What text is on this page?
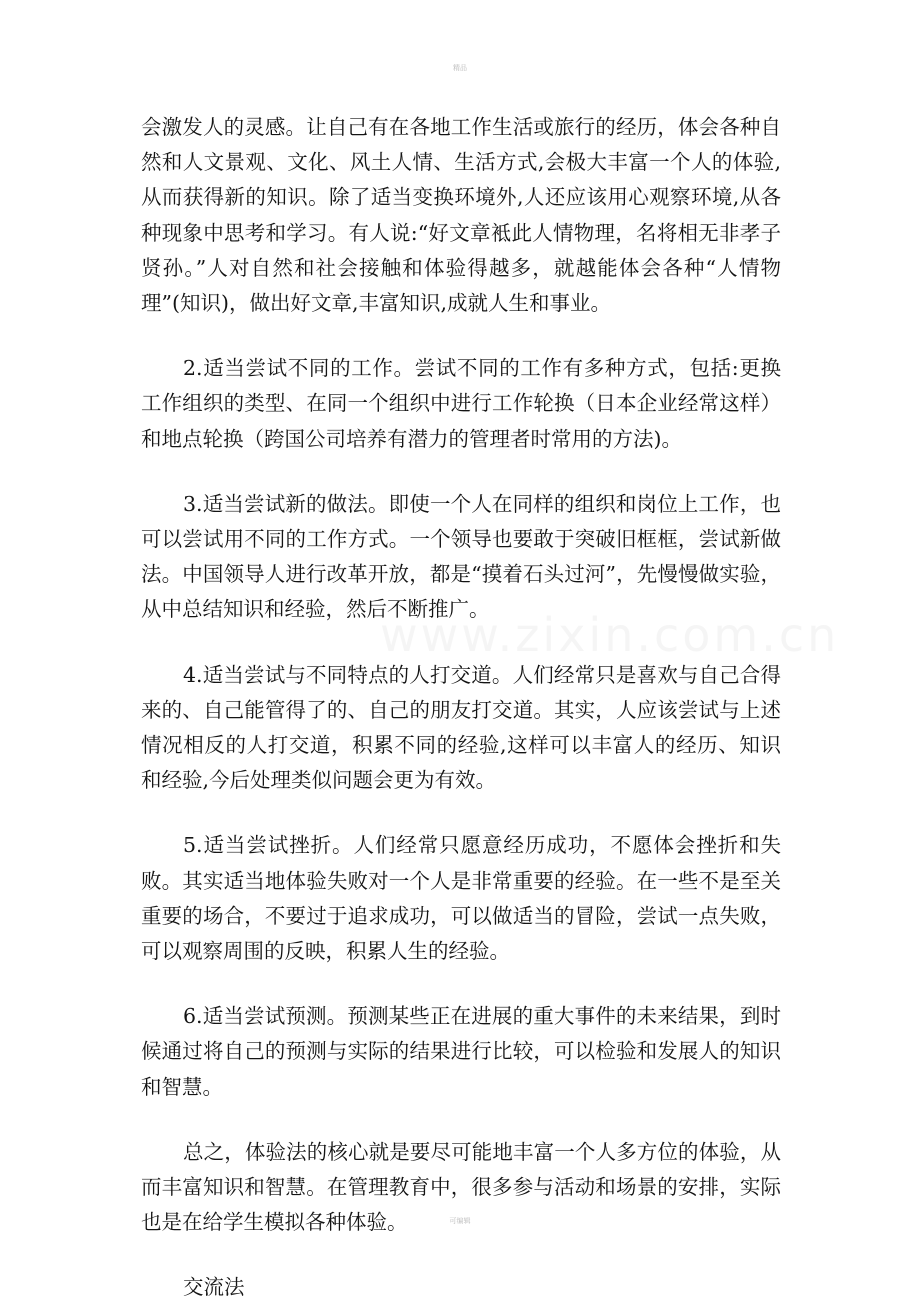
精品
www.zixin.com.cn

会激发人的灵感。让自己有在各地工作生活或旅行的经历，体会各种自然和人文景观、文化、风土人情、生活方式,会极大丰富一个人的体验,从而获得新的知识。除了适当变换环境外,人还应该用心观察环境,从各种现象中思考和学习。有人说:“好文章袛此人情物理，名将相无非孝子贤孙。”人对自然和社会接触和体验得越多，就越能体会各种“人情物理”(知识)，做出好文章,丰富知识,成就人生和事业。

2.适当尝试不同的工作。尝试不同的工作有多种方式，包括:更换工作组织的类型、在同一个组织中进行工作轮换（日本企业经常这样）和地点轮换（跨国公司培养有潜力的管理者时常用的方法)。

3.适当尝试新的做法。即使一个人在同样的组织和岗位上工作，也可以尝试用不同的工作方式。一个领导也要敢于突破旧框框，尝试新做法。中国领导人进行改革开放，都是“摸着石头过河”，先慢慢做实验，从中总结知识和经验，然后不断推广。

4.适当尝试与不同特点的人打交道。人们经常只是喜欢与自己合得来的、自己能管得了的、自己的朋友打交道。其实，人应该尝试与上述情况相反的人打交道，积累不同的经验,这样可以丰富人的经历、知识和经验,今后处理类似问题会更为有效。

5.适当尝试挫折。人们经常只愿意经历成功，不愿体会挫折和失败。其实适当地体验失败对一个人是非常重要的经验。在一些不是至关重要的场合，不要过于追求成功，可以做适当的冒险，尝试一点失败，可以观察周围的反映，积累人生的经验。

6.适当尝试预测。预测某些正在进展的重大事件的未来结果，到时候通过将自己的预测与实际的结果进行比较，可以检验和发展人的知识和智慧。

总之，体验法的核心就是要尽可能地丰富一个人多方位的体验，从而丰富知识和智慧。在管理教育中，很多参与活动和场景的安排，实际也是在给学生模拟各种体验。

交流法

可编辑
